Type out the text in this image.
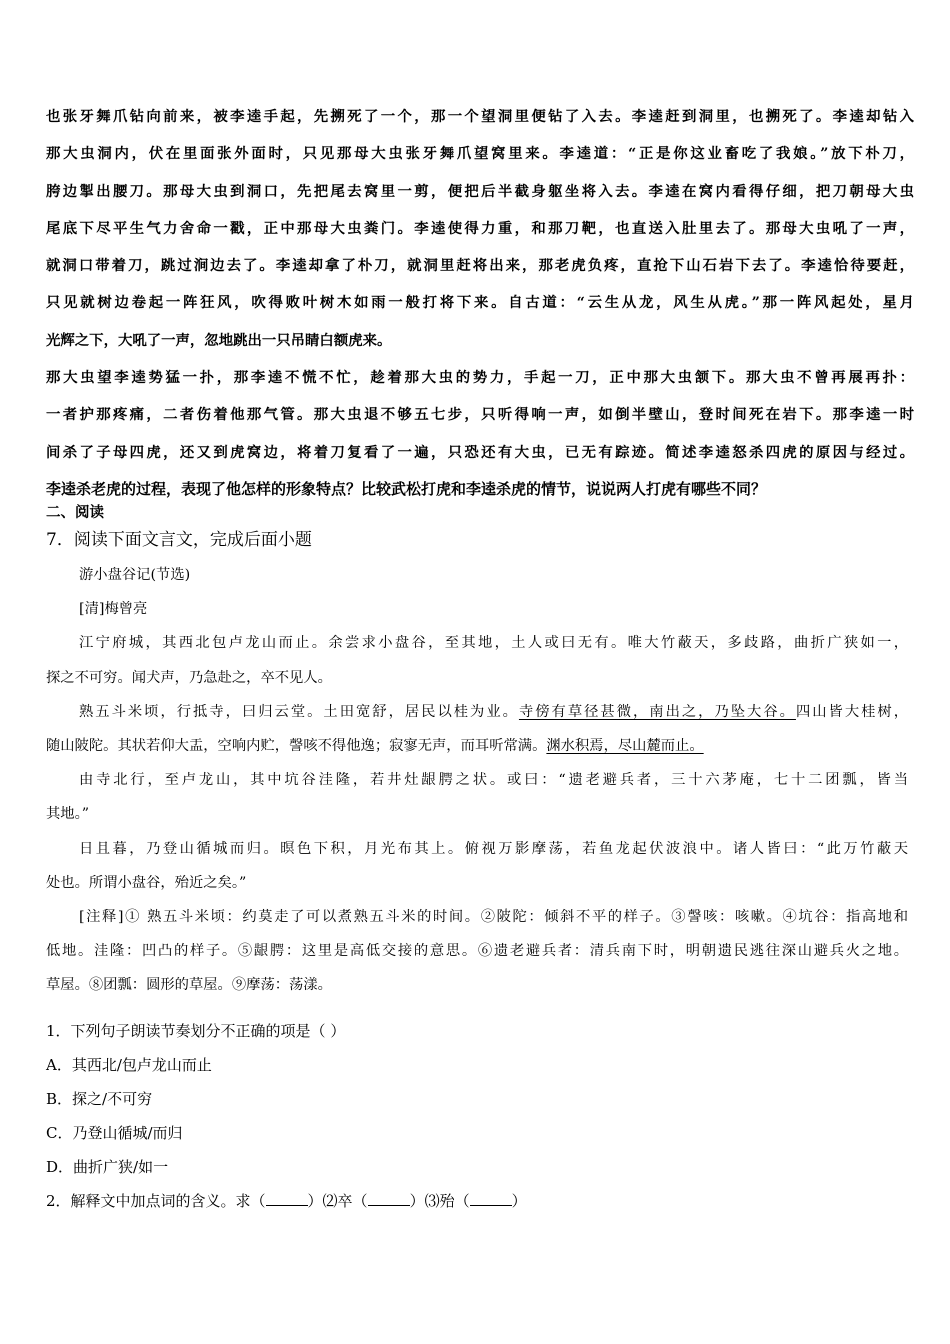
也张牙舞爪钻向前来，被李逵手起，先搠死了一个，那一个望洞里便钻了入去。李逵赶到洞里，也搠死了。李逵却钻入

那大虫洞内，伏在里面张外面时，只见那母大虫张牙舞爪望窝里来。李逵道：“正是你这业畜吃了我娘。”放下朴刀，

胯边掣出腰刀。那母大虫到洞口，先把尾去窝里一剪，便把后半截身躯坐将入去。李逵在窝内看得仔细，把刀朝母大虫

尾底下尽平生气力舍命一戳，正中那母大虫粪门。李逵使得力重，和那刀靶，也直送入肚里去了。那母大虫吼了一声，

就洞口带着刀，跳过涧边去了。李逵却拿了朴刀，就洞里赶将出来，那老虎负疼，直抢下山石岩下去了。李逵恰待要赶，

只见就树边卷起一阵狂风，吹得败叶树木如雨一般打将下来。自古道：“云生从龙，风生从虎。”那一阵风起处，星月

光辉之下，大吼了一声，忽地跳出一只吊睛白额虎来。

那大虫望李逵势猛一扑，那李逵不慌不忙，趁着那大虫的势力，手起一刀，正中那大虫颔下。那大虫不曾再展再扑：

一者护那疼痛，二者伤着他那气管。那大虫退不够五七步，只听得响一声，如倒半壁山，登时间死在岩下。那李逵一时

间杀了子母四虎，还又到虎窝边，将着刀复看了一遍，只恐还有大虫，已无有踪迹。简述李逵怒杀四虎的原因与经过。

李逵杀老虎的过程，表现了他怎样的形象特点？比较武松打虎和李逵杀虎的情节，说说两人打虎有哪些不同？

二、阅读
7．阅读下面文言文，完成后面小题

游小盘谷记(节选)

[清]梅曾亮

江宁府城，其西北包卢龙山而止。余尝求小盘谷，至其地，土人或曰无有。唯大竹蔽天，多歧路，曲折广狭如一，

探之不可穷。闻犬声，乃急赴之，卒不见人。

熟五斗米顷，行抵寺，曰归云堂。土田宽舒，居民以桂为业。寺傍有草径甚微，南出之，乃坠大谷。四山皆大桂树，

随山陂陀。其状若仰大盂，空响内贮，謦咳不得他逸；寂寥无声，而耳听常满。渊水积焉，尽山麓而止。

由寺北行，至卢龙山，其中坑谷洼隆，若井灶龈腭之状。或曰：“遗老避兵者，三十六茅庵，七十二团瓢，皆当

其地。”

日且暮，乃登山循城而归。暝色下积，月光布其上。俯视万影摩荡，若鱼龙起伏波浪中。诸人皆曰：“此万竹蔽天

处也。所谓小盘谷，殆近之矣。”

[注释]① 熟五斗米顷：约莫走了可以煮熟五斗米的时间。②陂陀：倾斜不平的样子。③謦咳：咳嗽。④坑谷：指高地和

低地。洼隆：凹凸的样子。⑤龈腭：这里是高低交接的意思。⑥遗老避兵者：清兵南下时，明朝遗民逃往深山避兵火之地。

草屋。⑧团瓢：圆形的草屋。⑨摩荡：荡漾。

1．下列句子朗读节奏划分不正确的项是（ ）
A．其西北/包卢龙山而止
B．探之/不可穷
C．乃登山循城/而归
D．曲折广狭/如一
2．解释文中加点词的含义。求（	）⑵卒（	）⑶殆（	）
